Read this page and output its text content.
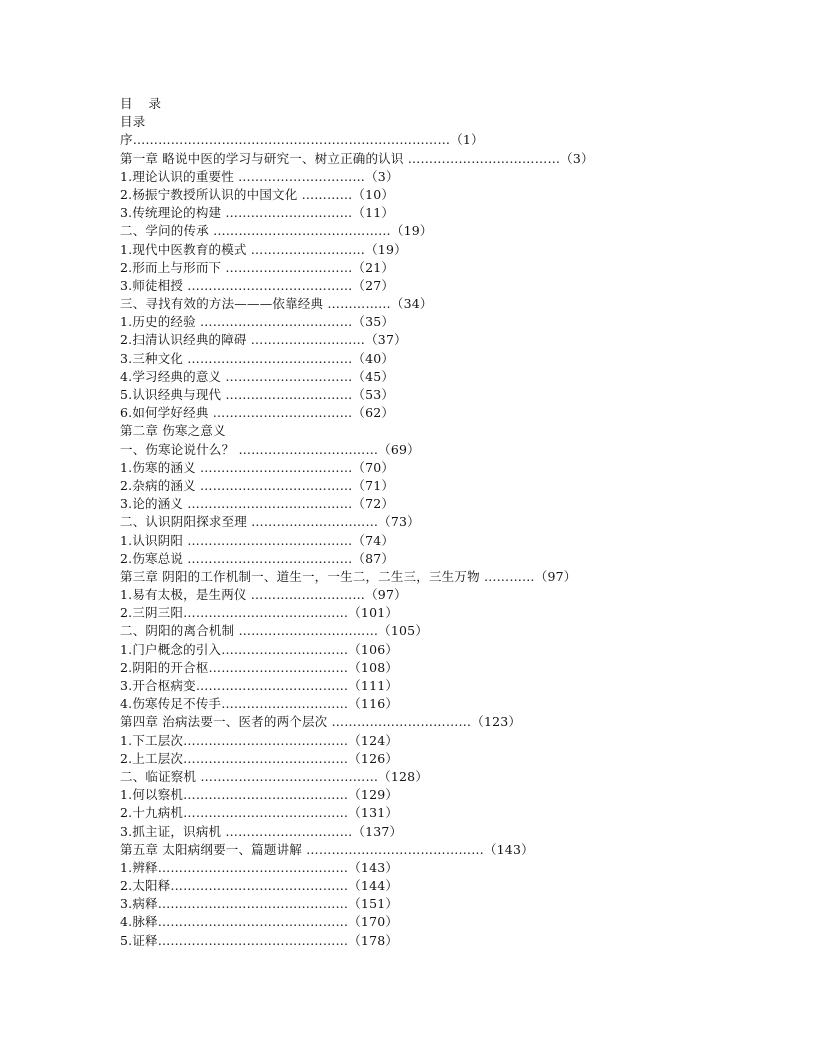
目 录
目录
序…………………………………………………………………（1）
第一章 略说中医的学习与研究一、树立正确的认识 ………………………………（3）
1.理论认识的重要性 …………………………（3）
2.杨振宁教授所认识的中国文化 …………（10）
3.传统理论的构建 …………………………（11）
二、学问的传承 ……………………………………（19）
1.现代中医教育的模式 ………………………（19）
2.形而上与形而下 …………………………（21）
3.师徒相授 …………………………………（27）
三、寻找有效的方法———依靠经典 ……………（34）
1.历史的经验 ………………………………（35）
2.扫清认识经典的障碍 ………………………（37）
3.三种文化 …………………………………（40）
4.学习经典的意义 …………………………（45）
5.认识经典与现代 …………………………（53）
6.如何学好经典 ……………………………（62）
第二章 伤寒之意义
一、伤寒论说什么？ ……………………………（69）
1.伤寒的涵义 ………………………………（70）
2.杂病的涵义 ………………………………（71）
3.论的涵义 …………………………………（72）
二、认识阴阳探求至理 …………………………（73）
1.认识阴阳 …………………………………（74）
2.伤寒总说 …………………………………（87）
第三章 阴阳的工作机制一、道生一，一生二，二生三，三生万物 …………（97）
1.易有太极，是生两仪 ………………………（97）
2.三阴三阳…………………………………（101）
二、阴阳的离合机制 ……………………………（105）
1.门户概念的引入…………………………（106）
2.阴阳的开合枢……………………………（108）
3.开合枢病变………………………………（111）
4.伤寒传足不传手…………………………（116）
第四章 治病法要一、医者的两个层次 ……………………………（123）
1.下工层次…………………………………（124）
2.上工层次…………………………………（126）
二、临证察机 ……………………………………（128）
1.何以察机…………………………………（129）
2.十九病机…………………………………（131）
3.抓主证，识病机 …………………………（137）
第五章 太阳病纲要一、篇题讲解 ……………………………………（143）
1.辨释………………………………………（143）
2.太阳释……………………………………（144）
3.病释………………………………………（151）
4.脉释………………………………………（170）
5.证释………………………………………（178）
